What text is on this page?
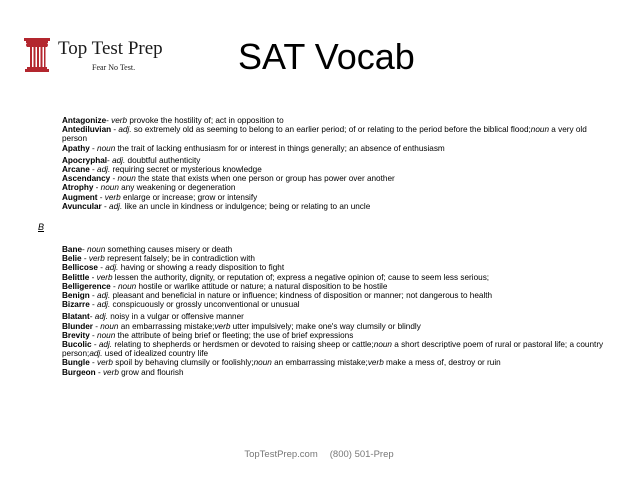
Top Test Prep
Fear No Test.	SAT Vocab

Antagonize- verb provoke the hostility of; act in opposition to

Antediluvian - adj. so extremely old as seeming to belong to an earlier period; of or relating to the period before the biblical flood;noun a very old person

Apathy - noun the trait of lacking enthusiasm for or interest in things generally; an absence of enthusiasm

Apocryphal- adj. doubtful authenticity

Arcane - adj. requiring secret or mysterious knowledge

Ascendancy - noun the state that exists when one person or group has power over another

Atrophy - noun any weakening or degeneration

Augment - verb enlarge or increase; grow or intensify

Avuncular - adj. like an uncle in kindness or indulgence; being or relating to an uncle

B

Bane- noun something causes misery or death

Belie - verb represent falsely; be in contradiction with

Bellicose - adj. having or showing a ready disposition to fight

Belittle - verb lessen the authority, dignity, or reputation of; express a negative opinion of; cause to seem less serious;

Belligerence - noun hostile or warlike attitude or nature; a natural disposition to be hostile

Benign - adj. pleasant and beneficial in nature or influence; kindness of disposition or manner; not dangerous to health

Bizarre - adj. conspicuously or grossly unconventional or unusual

Blatant- adj. noisy in a vulgar or offensive manner

Blunder - noun an embarrassing mistake;verb utter impulsively; make one's way clumsily or blindly

Brevity - noun the attribute of being brief or fleeting; the use of brief expressions

Bucolic - adj. relating to shepherds or herdsmen or devoted to raising sheep or cattle;noun a short descriptive poem of rural or pastoral life; a country person;adj. used of idealized country life

Bungle - verb spoil by behaving clumsily or foolishly;noun an embarrassing mistake;verb make a mess of, destroy or ruin

Burgeon - verb grow and flourish

TopTestPrep.com (800) 501-Prep
